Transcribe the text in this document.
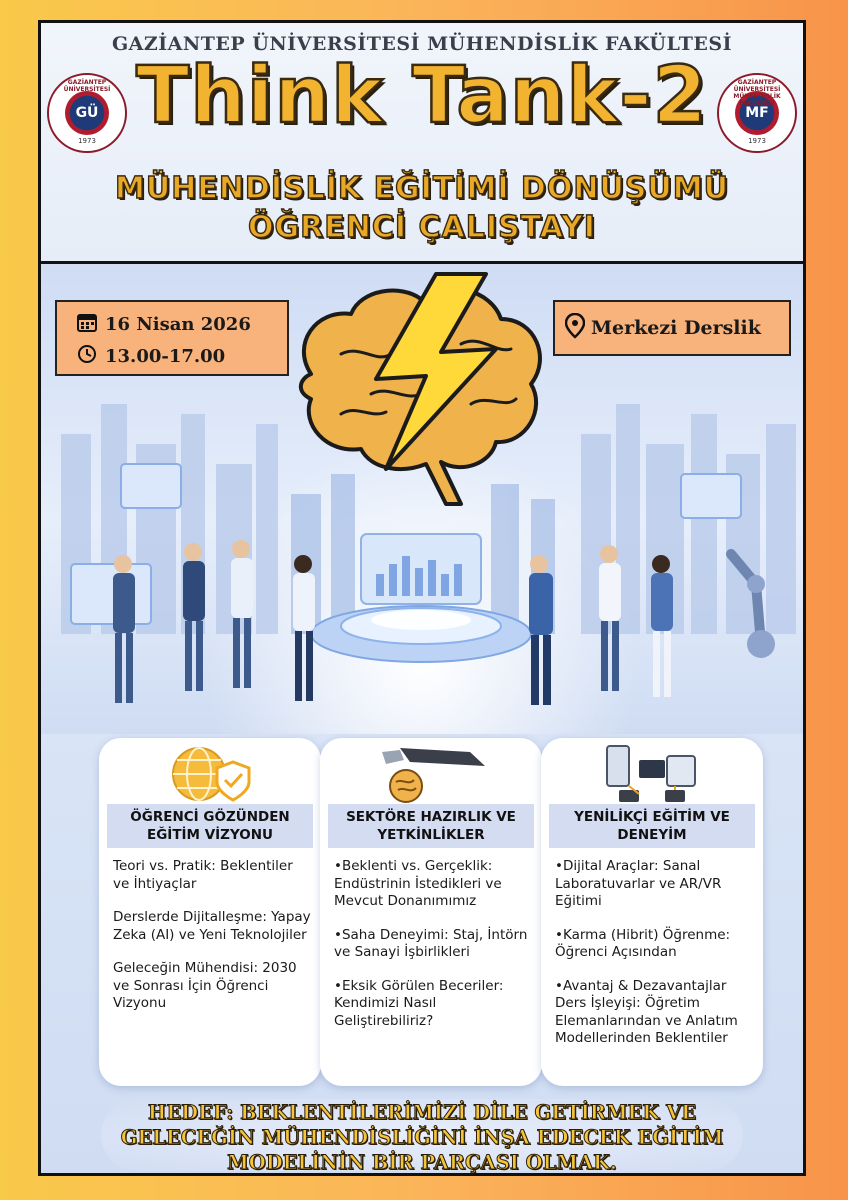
GAZİANTEP ÜNİVERSİTESİ MÜHENDİSLİK FAKÜLTESİ
GAZİANTEP ÜNİVERSİTESİ
GÜ
1973 Think Tank-2	GAZİANTEP ÜNİVERSİTESİ MÜHENDİSLİK FAKÜLTESİ
MF
1973
MÜHENDİSLİK EĞİTİMİ DÖNÜŞÜMÜ
ÖĞRENCİ ÇALIŞTAYI
16 Nisan 2026
13.00-17.00
Merkezi Derslik
ÖĞRENCİ GÖZÜNDEN EĞİTİM VİZYONU

Teori vs. Pratik: Beklentiler ve İhtiyaçlar

Derslerde Dijitalleşme: Yapay Zeka (AI) ve Yeni Teknolojiler

Geleceğin Mühendisi: 2030 ve Sonrası İçin Öğrenci Vizyonu

SEKTÖRE HAZIRLIK VE YETKİNLİKLER

•Beklenti vs. Gerçeklik: Endüstrinin İstedikleri ve Mevcut Donanımımız

•Saha Deneyimi: Staj, İntörn ve Sanayi İşbirlikleri

•Eksik Görülen Beceriler: Kendimizi Nasıl Geliştirebiliriz?

YENİLİKÇİ EĞİTİM VE DENEYİM

•Dijital Araçlar: Sanal Laboratuvarlar ve AR/VR Eğitimi

•Karma (Hibrit) Öğrenme: Öğrenci Açısından

•Avantaj & Dezavantajlar Ders İşleyişi: Öğretim Elemanlarından ve Anlatım Modellerinden Beklentiler

HEDEF: BEKLENTİLERİMİZİ DİLE GETİRMEK VE
GELECEĞİN MÜHENDİSLİĞİNİ İNŞA EDECEK EĞİTİM
MODELİNİN BİR PARÇASI OLMAK.
